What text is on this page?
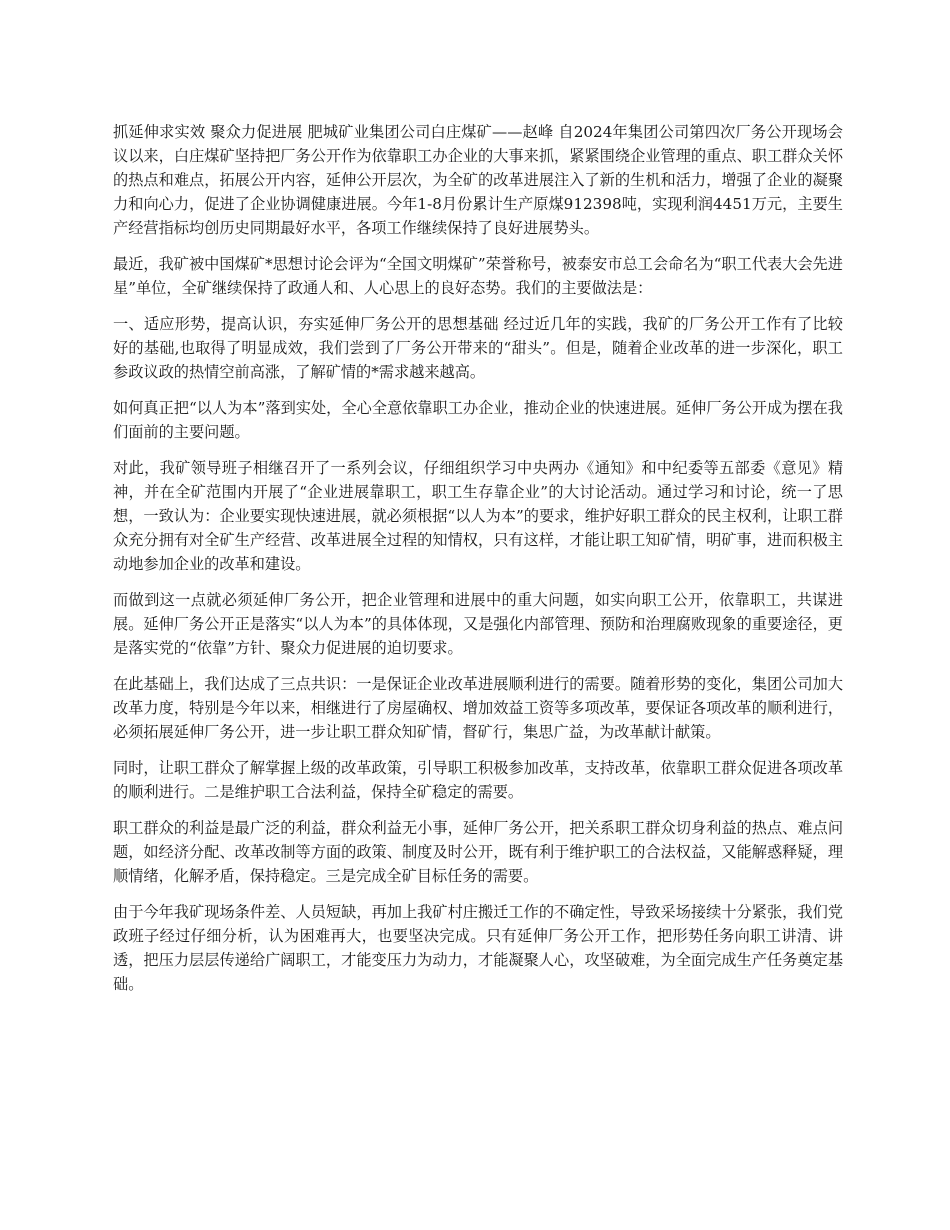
抓延伸求实效 聚众力促进展 肥城矿业集团公司白庄煤矿——赵峰 自2024年集团公司第四次厂务公开现场会议以来，白庄煤矿坚持把厂务公开作为依靠职工办企业的大事来抓，紧紧围绕企业管理的重点、职工群众关怀的热点和难点，拓展公开内容，延伸公开层次，为全矿的改革进展注入了新的生机和活力，增强了企业的凝聚力和向心力，促进了企业协调健康进展。今年1-8月份累计生产原煤912398吨，实现利润4451万元，主要生产经营指标均创历史同期最好水平，各项工作继续保持了良好进展势头。

最近，我矿被中国煤矿*思想讨论会评为“全国文明煤矿”荣誉称号，被泰安市总工会命名为“职工代表大会先进星”单位，全矿继续保持了政通人和、人心思上的良好态势。我们的主要做法是：

一、适应形势，提高认识，夯实延伸厂务公开的思想基础 经过近几年的实践，我矿的厂务公开工作有了比较好的基础,也取得了明显成效，我们尝到了厂务公开带来的“甜头”。但是，随着企业改革的进一步深化，职工参政议政的热情空前高涨，了解矿情的*需求越来越高。

如何真正把“以人为本”落到实处，全心全意依靠职工办企业，推动企业的快速进展。延伸厂务公开成为摆在我们面前的主要问题。

对此，我矿领导班子相继召开了一系列会议，仔细组织学习中央两办《通知》和中纪委等五部委《意见》精神，并在全矿范围内开展了“企业进展靠职工，职工生存靠企业”的大讨论活动。通过学习和讨论，统一了思想，一致认为：企业要实现快速进展，就必须根据“以人为本”的要求，维护好职工群众的民主权利，让职工群众充分拥有对全矿生产经营、改革进展全过程的知情权，只有这样，才能让职工知矿情，明矿事，进而积极主动地参加企业的改革和建设。

而做到这一点就必须延伸厂务公开，把企业管理和进展中的重大问题，如实向职工公开，依靠职工，共谋进展。延伸厂务公开正是落实“以人为本”的具体体现，又是强化内部管理、预防和治理腐败现象的重要途径，更是落实党的“依靠”方针、聚众力促进展的迫切要求。

在此基础上，我们达成了三点共识：一是保证企业改革进展顺利进行的需要。随着形势的变化，集团公司加大改革力度，特别是今年以来，相继进行了房屋确权、增加效益工资等多项改革，要保证各项改革的顺利进行，必须拓展延伸厂务公开，进一步让职工群众知矿情，督矿行，集思广益，为改革献计献策。

同时，让职工群众了解掌握上级的改革政策，引导职工积极参加改革，支持改革，依靠职工群众促进各项改革的顺利进行。二是维护职工合法利益，保持全矿稳定的需要。

职工群众的利益是最广泛的利益，群众利益无小事，延伸厂务公开，把关系职工群众切身利益的热点、难点问题，如经济分配、改革改制等方面的政策、制度及时公开，既有利于维护职工的合法权益，又能解惑释疑，理顺情绪，化解矛盾，保持稳定。三是完成全矿目标任务的需要。

由于今年我矿现场条件差、人员短缺，再加上我矿村庄搬迁工作的不确定性，导致采场接续十分紧张，我们党政班子经过仔细分析，认为困难再大，也要坚决完成。只有延伸厂务公开工作，把形势任务向职工讲清、讲透，把压力层层传递给广阔职工，才能变压力为动力，才能凝聚人心，攻坚破难，为全面完成生产任务奠定基础。
